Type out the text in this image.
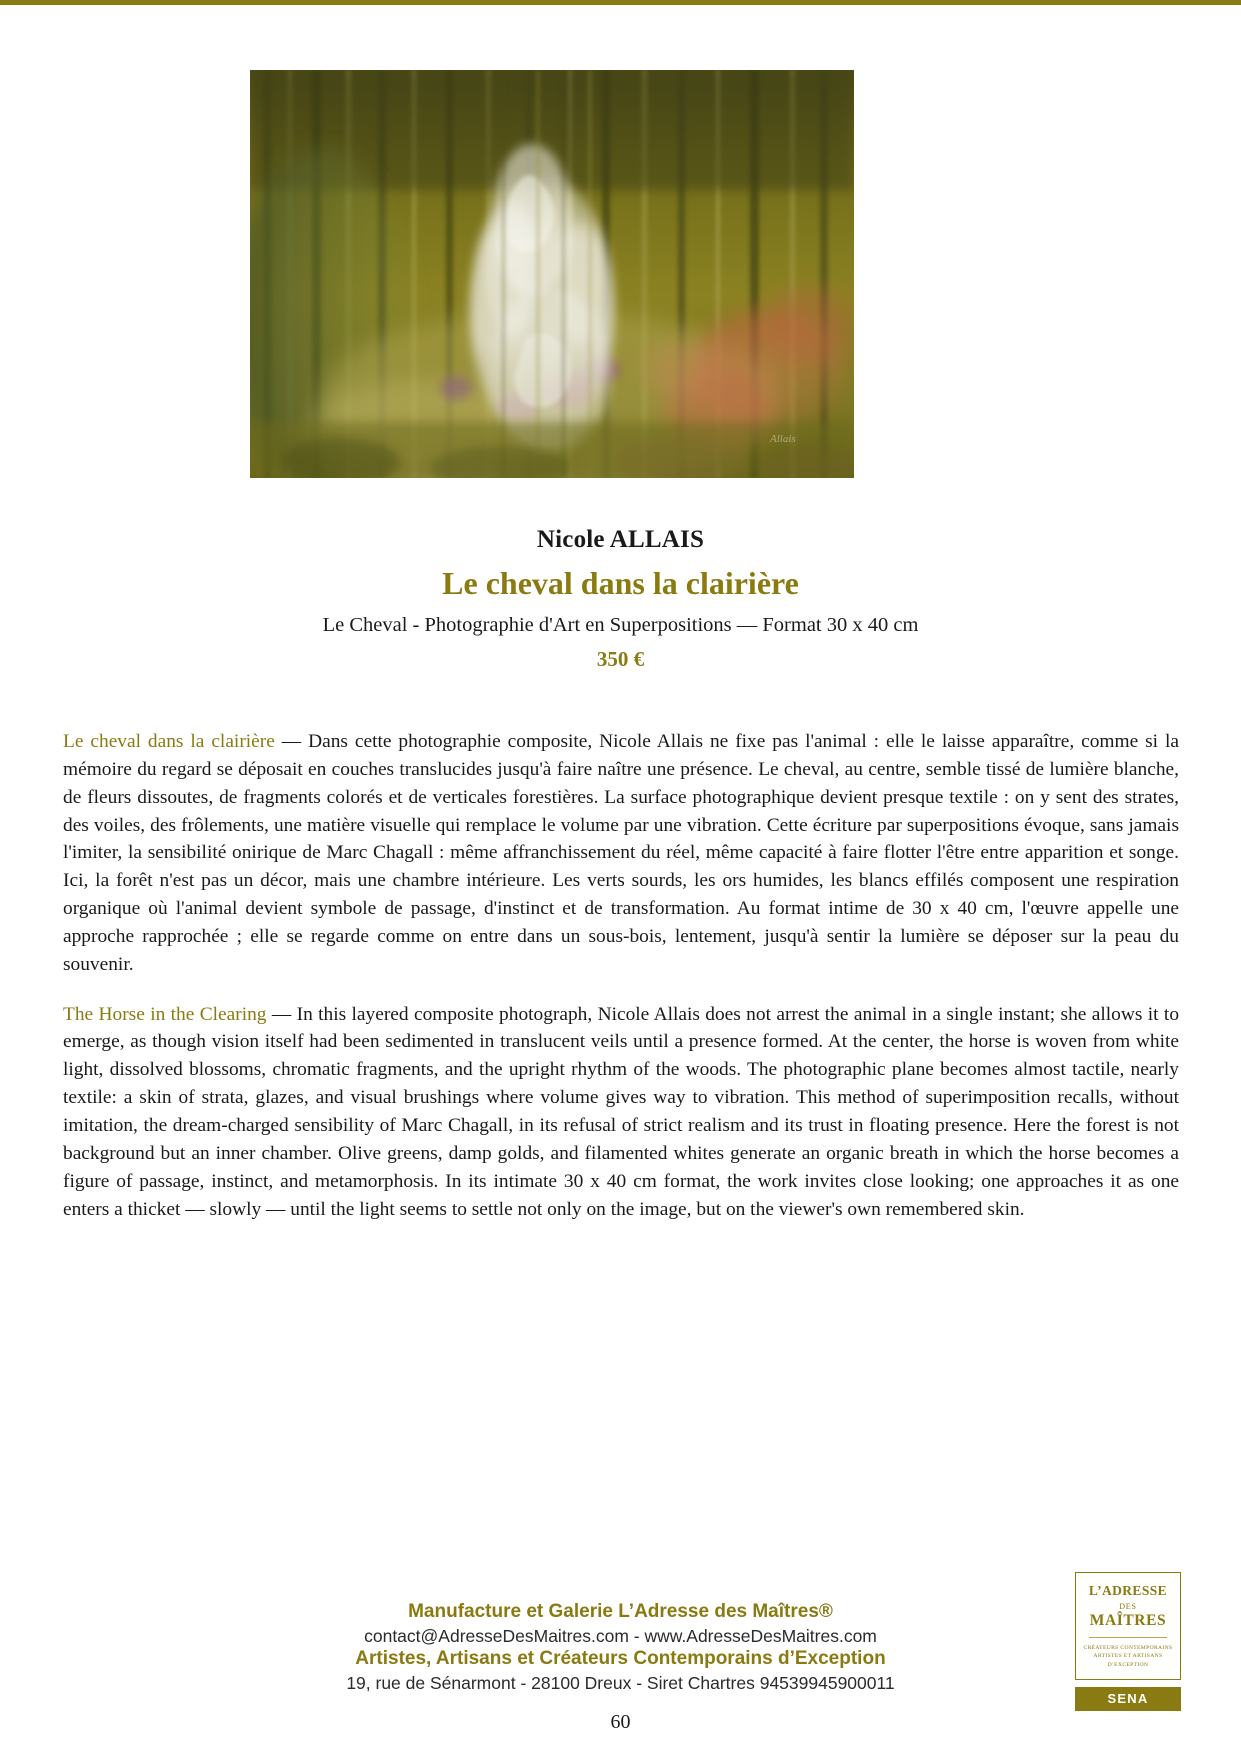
Allais
Nicole ALLAIS
Le cheval dans la clairière
Le Cheval - Photographie d'Art en Superpositions — Format 30 x 40 cm
350 €

Le cheval dans la clairière — Dans cette photographie composite, Nicole Allais ne fixe pas l'animal : elle le laisse apparaître, comme si la mémoire du regard se déposait en couches translucides jusqu'à faire naître une présence. Le cheval, au centre, semble tissé de lumière blanche, de fleurs dissoutes, de fragments colorés et de verticales forestières. La surface photographique devient presque textile : on y sent des strates, des voiles, des frôlements, une matière visuelle qui remplace le volume par une vibration. Cette écriture par superpositions évoque, sans jamais l'imiter, la sensibilité onirique de Marc Chagall : même affranchissement du réel, même capacité à faire flotter l'être entre apparition et songe. Ici, la forêt n'est pas un décor, mais une chambre intérieure. Les verts sourds, les ors humides, les blancs effilés composent une respiration organique où l'animal devient symbole de passage, d'instinct et de transformation. Au format intime de 30 x 40 cm, l'œuvre appelle une approche rapprochée ; elle se regarde comme on entre dans un sous-bois, lentement, jusqu'à sentir la lumière se déposer sur la peau du souvenir.

The Horse in the Clearing — In this layered composite photograph, Nicole Allais does not arrest the animal in a single instant; she allows it to emerge, as though vision itself had been sedimented in translucent veils until a presence formed. At the center, the horse is woven from white light, dissolved blossoms, chromatic fragments, and the upright rhythm of the woods. The photographic plane becomes almost tactile, nearly textile: a skin of strata, glazes, and visual brushings where volume gives way to vibration. This method of superimposition recalls, without imitation, the dream-charged sensibility of Marc Chagall, in its refusal of strict realism and its trust in floating presence. Here the forest is not background but an inner chamber. Olive greens, damp golds, and filamented whites generate an organic breath in which the horse becomes a figure of passage, instinct, and metamorphosis. In its intimate 30 x 40 cm format, the work invites close looking; one approaches it as one enters a thicket — slowly — until the light seems to settle not only on the image, but on the viewer's own remembered skin.

Manufacture et Galerie L’Adresse des Maîtres®
contact@AdresseDesMaitres.com - www.AdresseDesMaitres.com
Artistes, Artisans et Créateurs Contemporains d’Exception
19, rue de Sénarmont - 28100 Dreux - Siret Chartres 94539945900011
60
L’ADRESSE
DES
MAÎTRES
CRÉATEURS CONTEMPORAINS
ARTISTES ET ARTISANS
D’EXCEPTION
SENA
